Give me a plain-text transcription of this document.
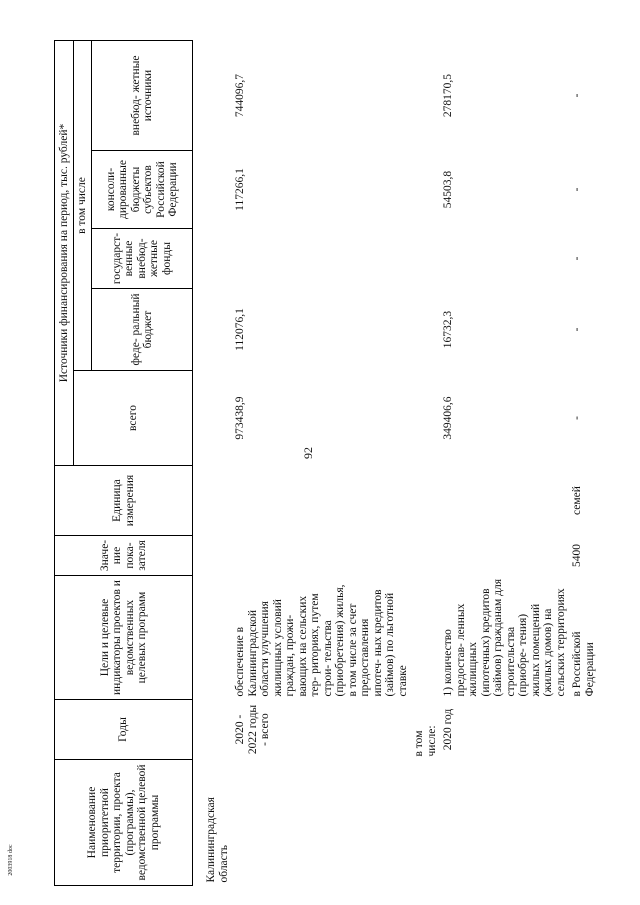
92
2003918 doc
Наименование приоритетной территории, проекта (программы), ведомственной целевой программы	Годы	Цели и целевые индикаторы проектов и ведомственных целевых программ	Значе- ние пока- зателя	Единица измерения	Источники финансирования на период, тыс. рублей*				
					всего	в том числе			
						феде- ральный бюджет	государст- венные внебюд- жетные фонды	консоли- дированные бюджеты субъектов Российской Федерации	внебюд- жетные источники
Калининградская область									
	2020 - 2022 годы - всего	обеспечение в Калининградской области улучшения жилищных условий граждан, прожи- вающих на сельских тер- риториях, путем строи- тельства (приобретения) жилья, в том числе за счет предоставления ипотеч- ных кредитов (займов) по льготной ставке			973438,9	112076,1		117266,1	744096,7
	в том числе:								
	2020 год	1) количество предостав- ленных жилищных (ипотечных) кредитов (займов) гражданам для строительства (приобре- тения) жилых помещений (жилых домов) на сельских территориях			349406,6	16732,3		54503,8	278170,5
		в Российской Федерации	5400	семей	-	-	-	-	-
